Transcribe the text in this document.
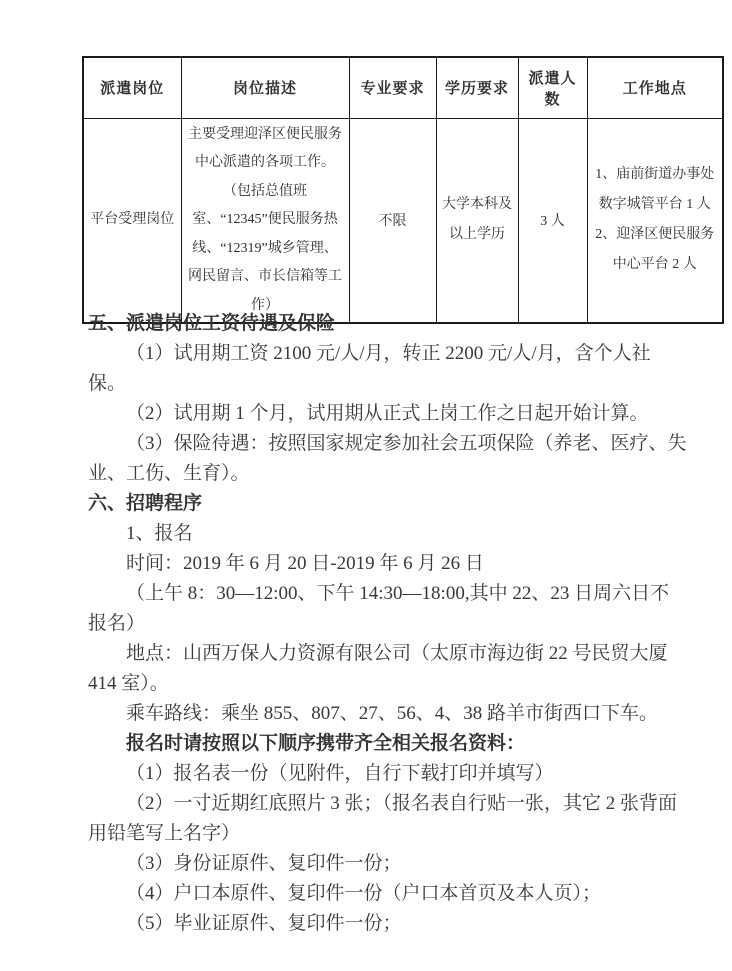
派遣岗位	岗位描述	专业要求	学历要求	派遣人数	工作地点
平台受理岗位	主要受理迎泽区便民服务中心派遣的各项工作。（包括总值班室、“12345”便民服务热线、“12319”城乡管理、网民留言、市长信箱等工作）	不限	大学本科及以上学历	3 人	1、庙前街道办事处数字城管平台 1 人
2、迎泽区便民服务中心平台 2 人

五、派遣岗位工资待遇及保险

（1）试用期工资 2100 元/人/月，转正 2200 元/人/月，含个人社保。

（2）试用期 1 个月，试用期从正式上岗工作之日起开始计算。

（3）保险待遇：按照国家规定参加社会五项保险（养老、医疗、失业、工伤、生育）。

六、招聘程序

1、报名

时间：2019 年 6 月 20 日-2019 年 6 月 26 日

（上午 8：30—12:00、下午 14:30—18:00,其中 22、23 日周六日不报名）

地点：山西万保人力资源有限公司（太原市海边街 22 号民贸大厦 414 室）。

乘车路线：乘坐 855、807、27、56、4、38 路羊市街西口下车。

报名时请按照以下顺序携带齐全相关报名资料：

（1）报名表一份（见附件，自行下载打印并填写）

（2）一寸近期红底照片 3 张；（报名表自行贴一张，其它 2 张背面用铅笔写上名字）

（3）身份证原件、复印件一份；

（4）户口本原件、复印件一份（户口本首页及本人页）；

（5）毕业证原件、复印件一份；
